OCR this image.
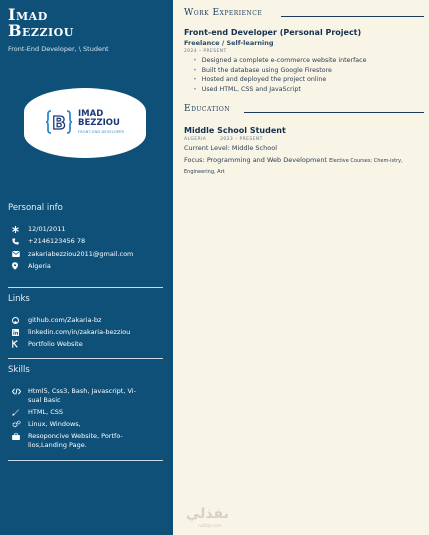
Imad
Bezziou
Front-End Developer, \ Student
B IMAD
BEZZIOU
FRONT-END DEVELOPER
Personal info
12/01/2011
+2146123456 78
zakariabezziou2011@gmail.com
Algeria
Links
github.com/Zakaria-bz
linkedin.com/in/zakaria-bezziou
Portfolio Website
Skills
Html5, Css3, Bash, Javascript, Vi-
sual Basic
HTML, CSS
Linux, Windows,
Resoponcive Website, Portfo-
lios,Landing Page.
Work Experience
Front-end Developer (Personal Project)
Freelance / Self-learning
2024 – PRESENT
• Designed a complete e-commerce website interface
• Built the database using Google Firestore
• Hosted and deployed the project online
• Used HTML, CSS and JavaScript
Education
Middle School Student
ALGERIA	2023 – PRESENT
Current Level: Middle School
Focus: Programming and Web Development Elective Courses: Chem-istry, Engineering, Art
نفذلي
nafzly.com
